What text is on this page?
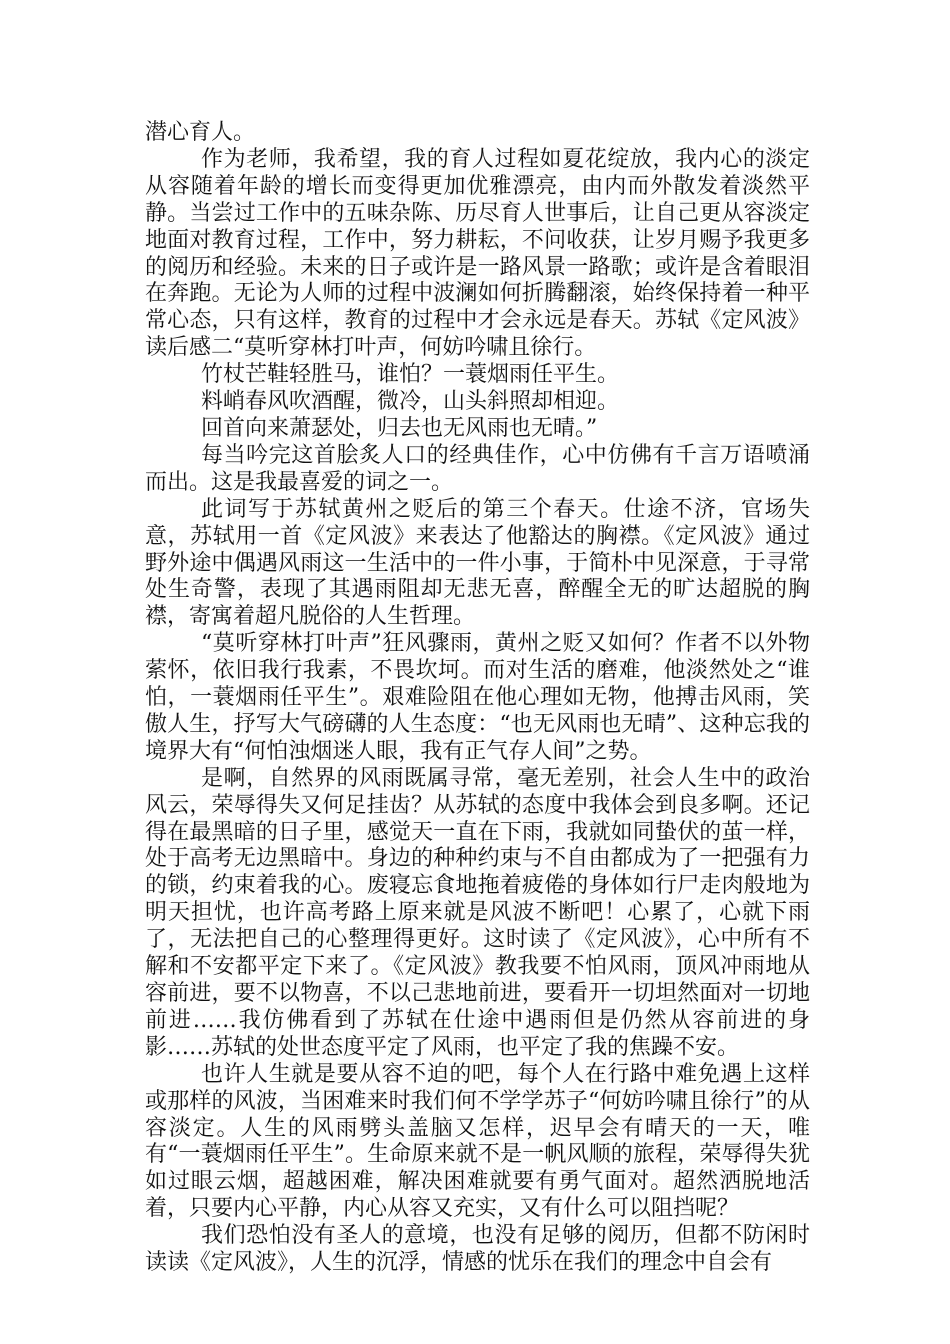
潜心育人。

作为老师，我希望，我的育人过程如夏花绽放，我内心的淡定从容随着年龄的增长而变得更加优雅漂亮，由内而外散发着淡然平静。当尝过工作中的五味杂陈、历尽育人世事后，让自己更从容淡定地面对教育过程，工作中，努力耕耘，不问收获，让岁月赐予我更多的阅历和经验。未来的日子或许是一路风景一路歌；或许是含着眼泪在奔跑。无论为人师的过程中波澜如何折腾翻滚，始终保持着一种平常心态，只有这样，教育的过程中才会永远是春天。苏轼《定风波》读后感二“莫听穿林打叶声，何妨吟啸且徐行。

竹杖芒鞋轻胜马，谁怕？一蓑烟雨任平生。

料峭春风吹酒醒，微冷，山头斜照却相迎。

回首向来萧瑟处，归去也无风雨也无晴。”

每当吟完这首脍炙人口的经典佳作，心中仿佛有千言万语喷涌而出。这是我最喜爱的词之一。

此词写于苏轼黄州之贬后的第三个春天。仕途不济，官场失意，苏轼用一首《定风波》来表达了他豁达的胸襟。《定风波》通过野外途中偶遇风雨这一生活中的一件小事，于简朴中见深意，于寻常处生奇警，表现了其遇雨阻却无悲无喜，醉醒全无的旷达超脱的胸襟，寄寓着超凡脱俗的人生哲理。

“莫听穿林打叶声”狂风骤雨，黄州之贬又如何？作者不以外物萦怀，依旧我行我素，不畏坎坷。而对生活的磨难，他淡然处之“谁怕，一蓑烟雨任平生”。艰难险阻在他心理如无物，他搏击风雨，笑傲人生，抒写大气磅礴的人生态度：“也无风雨也无晴”、这种忘我的境界大有“何怕浊烟迷人眼，我有正气存人间”之势。

是啊，自然界的风雨既属寻常，毫无差别，社会人生中的政治风云，荣辱得失又何足挂齿？从苏轼的态度中我体会到良多啊。还记得在最黑暗的日子里，感觉天一直在下雨，我就如同蛰伏的茧一样，处于高考无边黑暗中。身边的种种约束与不自由都成为了一把强有力的锁，约束着我的心。废寝忘食地拖着疲倦的身体如行尸走肉般地为明天担忧，也许高考路上原来就是风波不断吧！心累了，心就下雨了，无法把自己的心整理得更好。这时读了《定风波》，心中所有不解和不安都平定下来了。《定风波》教我要不怕风雨，顶风冲雨地从容前进，要不以物喜，不以己悲地前进，要看开一切坦然面对一切地前进……我仿佛看到了苏轼在仕途中遇雨但是仍然从容前进的身影……苏轼的处世态度平定了风雨，也平定了我的焦躁不安。

也许人生就是要从容不迫的吧，每个人在行路中难免遇上这样或那样的风波，当困难来时我们何不学学苏子“何妨吟啸且徐行”的从容淡定。人生的风雨劈头盖脑又怎样，迟早会有晴天的一天，唯有“一蓑烟雨任平生”。生命原来就不是一帆风顺的旅程，荣辱得失犹如过眼云烟，超越困难，解决困难就要有勇气面对。超然洒脱地活着，只要内心平静，内心从容又充实，又有什么可以阻挡呢？

我们恐怕没有圣人的意境，也没有足够的阅历，但都不防闲时读读《定风波》，人生的沉浮，情感的忧乐在我们的理念中自会有
